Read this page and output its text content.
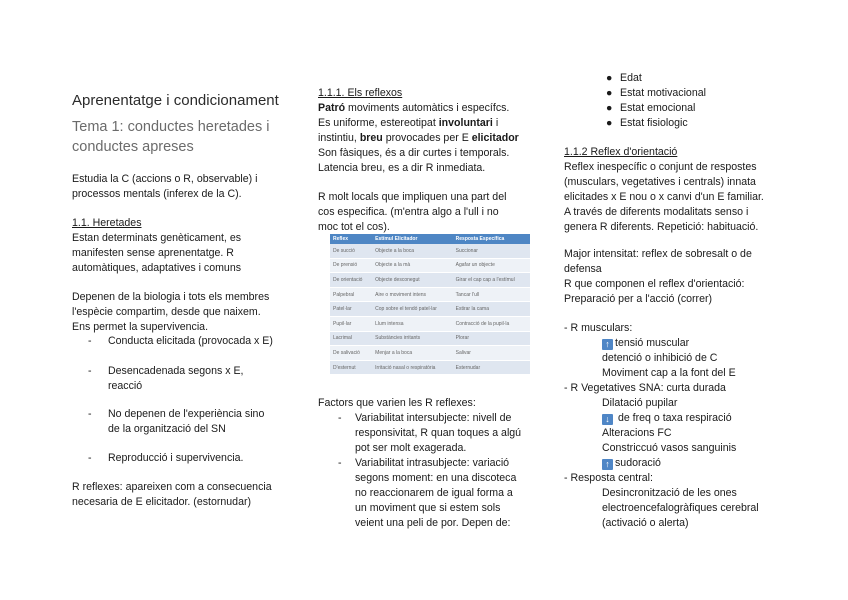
Aprenentatge i condicionament
Tema 1: conductes heretades i conductes apreses
Estudia la C (accions o R, observable) i
processos mentals (inferex de la C).
1.1. Heretades
Estan determinats genèticament, es
manifesten sense aprenentatge. R
automàtiques, adaptatives i comuns
Depenen de la biologia i tots els membres
l'espècie compartim, desde que naixem.
Ens permet la supervivencia.
- Conducta elicitada (provocada x E)
- Desencadenada segons x E,
reacció
- No depenen de l'experiència sino
de la organització del SN
- Reproducció i supervivencia.
R reflexes: apareixen com a consecuencia
necesaria de E elicitador. (estornudar)
1.1.1. Els reflexos
Patró moviments automàtics i específcs.
Es uniforme, estereotipat involuntari i
instintiu, breu provocades per E elicitador
Son fàsiques, és a dir curtes i temporals.
Latencia breu, es a dir R inmediata.
R molt locals que impliquen una part del
cos especifica. (m'entra algo a l'ull i no
moc tot el cos).
Reflex	Estímul Elicitador	Resposta Específica
De succió	Objecte a la boca	Succionar
De prensió	Objecte a la mà	Agafar un objecte
De orientació	Objecte desconegut	Girar el cap cap a l'estímul
Palpebral	Aire o moviment intens	Tancar l'ull
Patel·lar	Cop sobre el tendó patel·lar	Estirar la cama
Pupil·lar	Llum intensa	Contracció de la pupil·la
Lacrimal	Substàncies irritants	Plorar
De salivació	Menjar a la boca	Salivar
D'esternut	Irritació nasal o respiratòria	Esternudar
Factors que varien les R reflexes:
- Variabilitat intersubjecte: nivell de
responsivitat, R quan toques a algú
pot ser molt exagerada.
- Variabilitat intrasubjecte: variació
segons moment: en una discoteca
no reaccionarem de igual forma a
un moviment que si estem sols
veient una peli de por. Depen de:
● Edat
● Estat motivacional
● Estat emocional
● Estat fisiologic
1.1.2 Reflex d'orientació
Reflex inespecífic o conjunt de respostes
(musculars, vegetatives i centrals) innata
elicitades x E nou o x canvi d'un E familiar.
A través de diferents modalitats senso i
genera R diferents. Repetició: habituació.
Major intensitat: reflex de sobresalt o de
defensa
R que componen el reflex d'orientació:
Preparació per a l'acció (correr)
- R musculars:
↑ tensió muscular
detenció o inhibició de C
Moviment cap a la font del E
- R Vegetatives SNA: curta durada
Dilatació pupilar
↓ de freq o taxa respiració
Alteracions FC
Constriccuó vasos sanguinis
↑ sudoració
- Resposta central:
Desincronització de les ones
electroencefalogràfiques cerebral
(activació o alerta)
